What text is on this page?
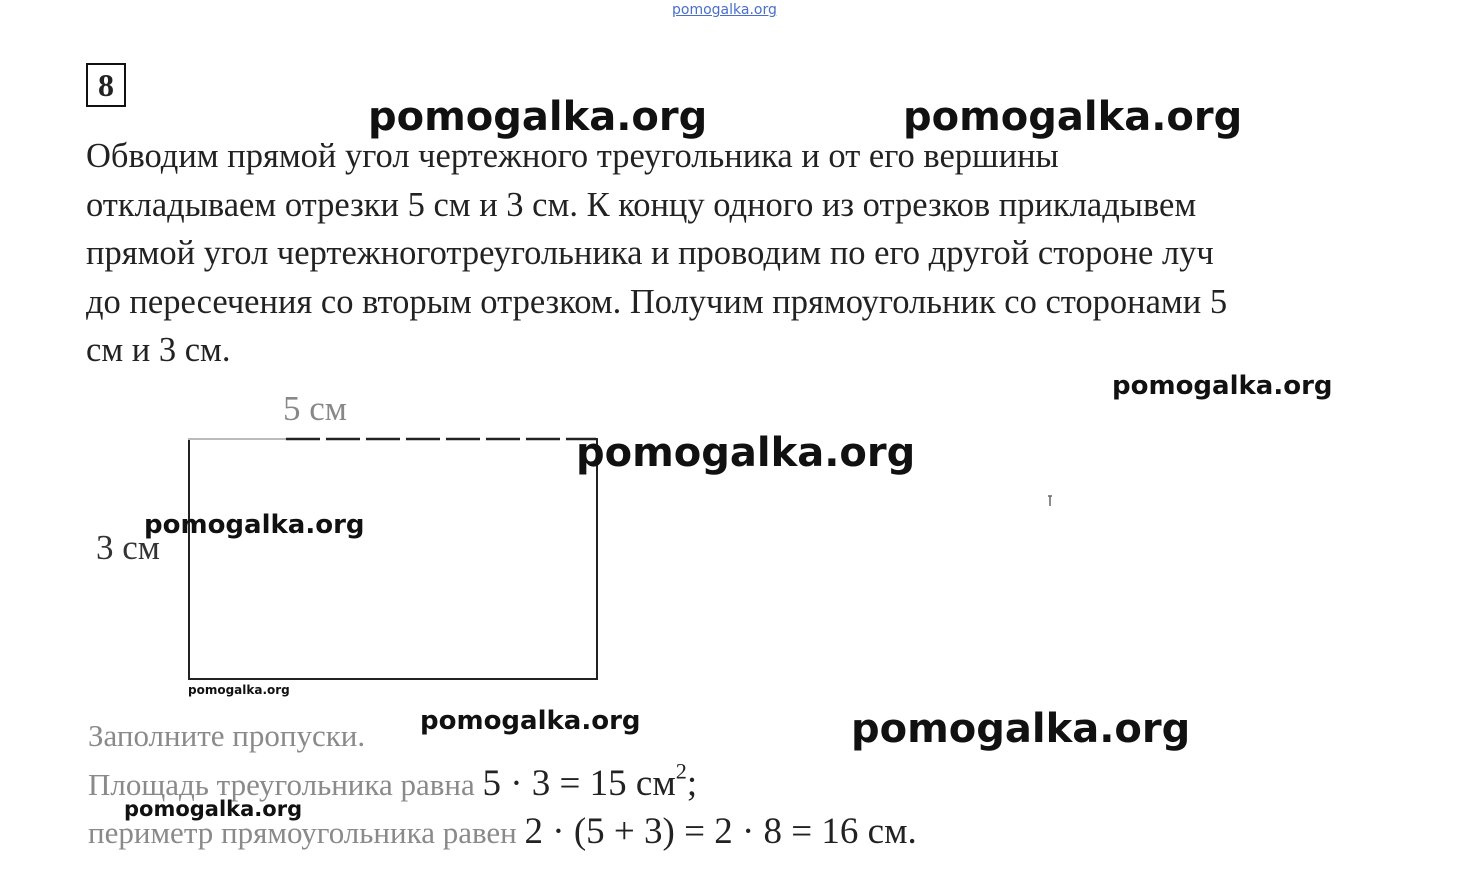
pomogalka.org
8

Обводим прямой угол чертежного треугольника и от его вершины
откладываем отрезки 5 см и 3 см. К концу одного из отрезков прикладывем
прямой угол чертежноготреугольника и проводим по его другой стороне луч
до пересечения со вторым отрезком. Получим прямоугольник со сторонами 5
см и 3 см.

pomogalka.org	pomogalka.org
pomogalka.org
5 см
3 см
pomogalka.org
pomogalka.org
pomogalka.org
Заполните пропуски.
Площадь треугольника равна 5 · 3 = 15 $см^2$;
периметр прямоугольника равен 2 · (5 + 3) = 2 · 8 = 16 см.
pomogalka.org	pomogalka.org
pomogalka.org
